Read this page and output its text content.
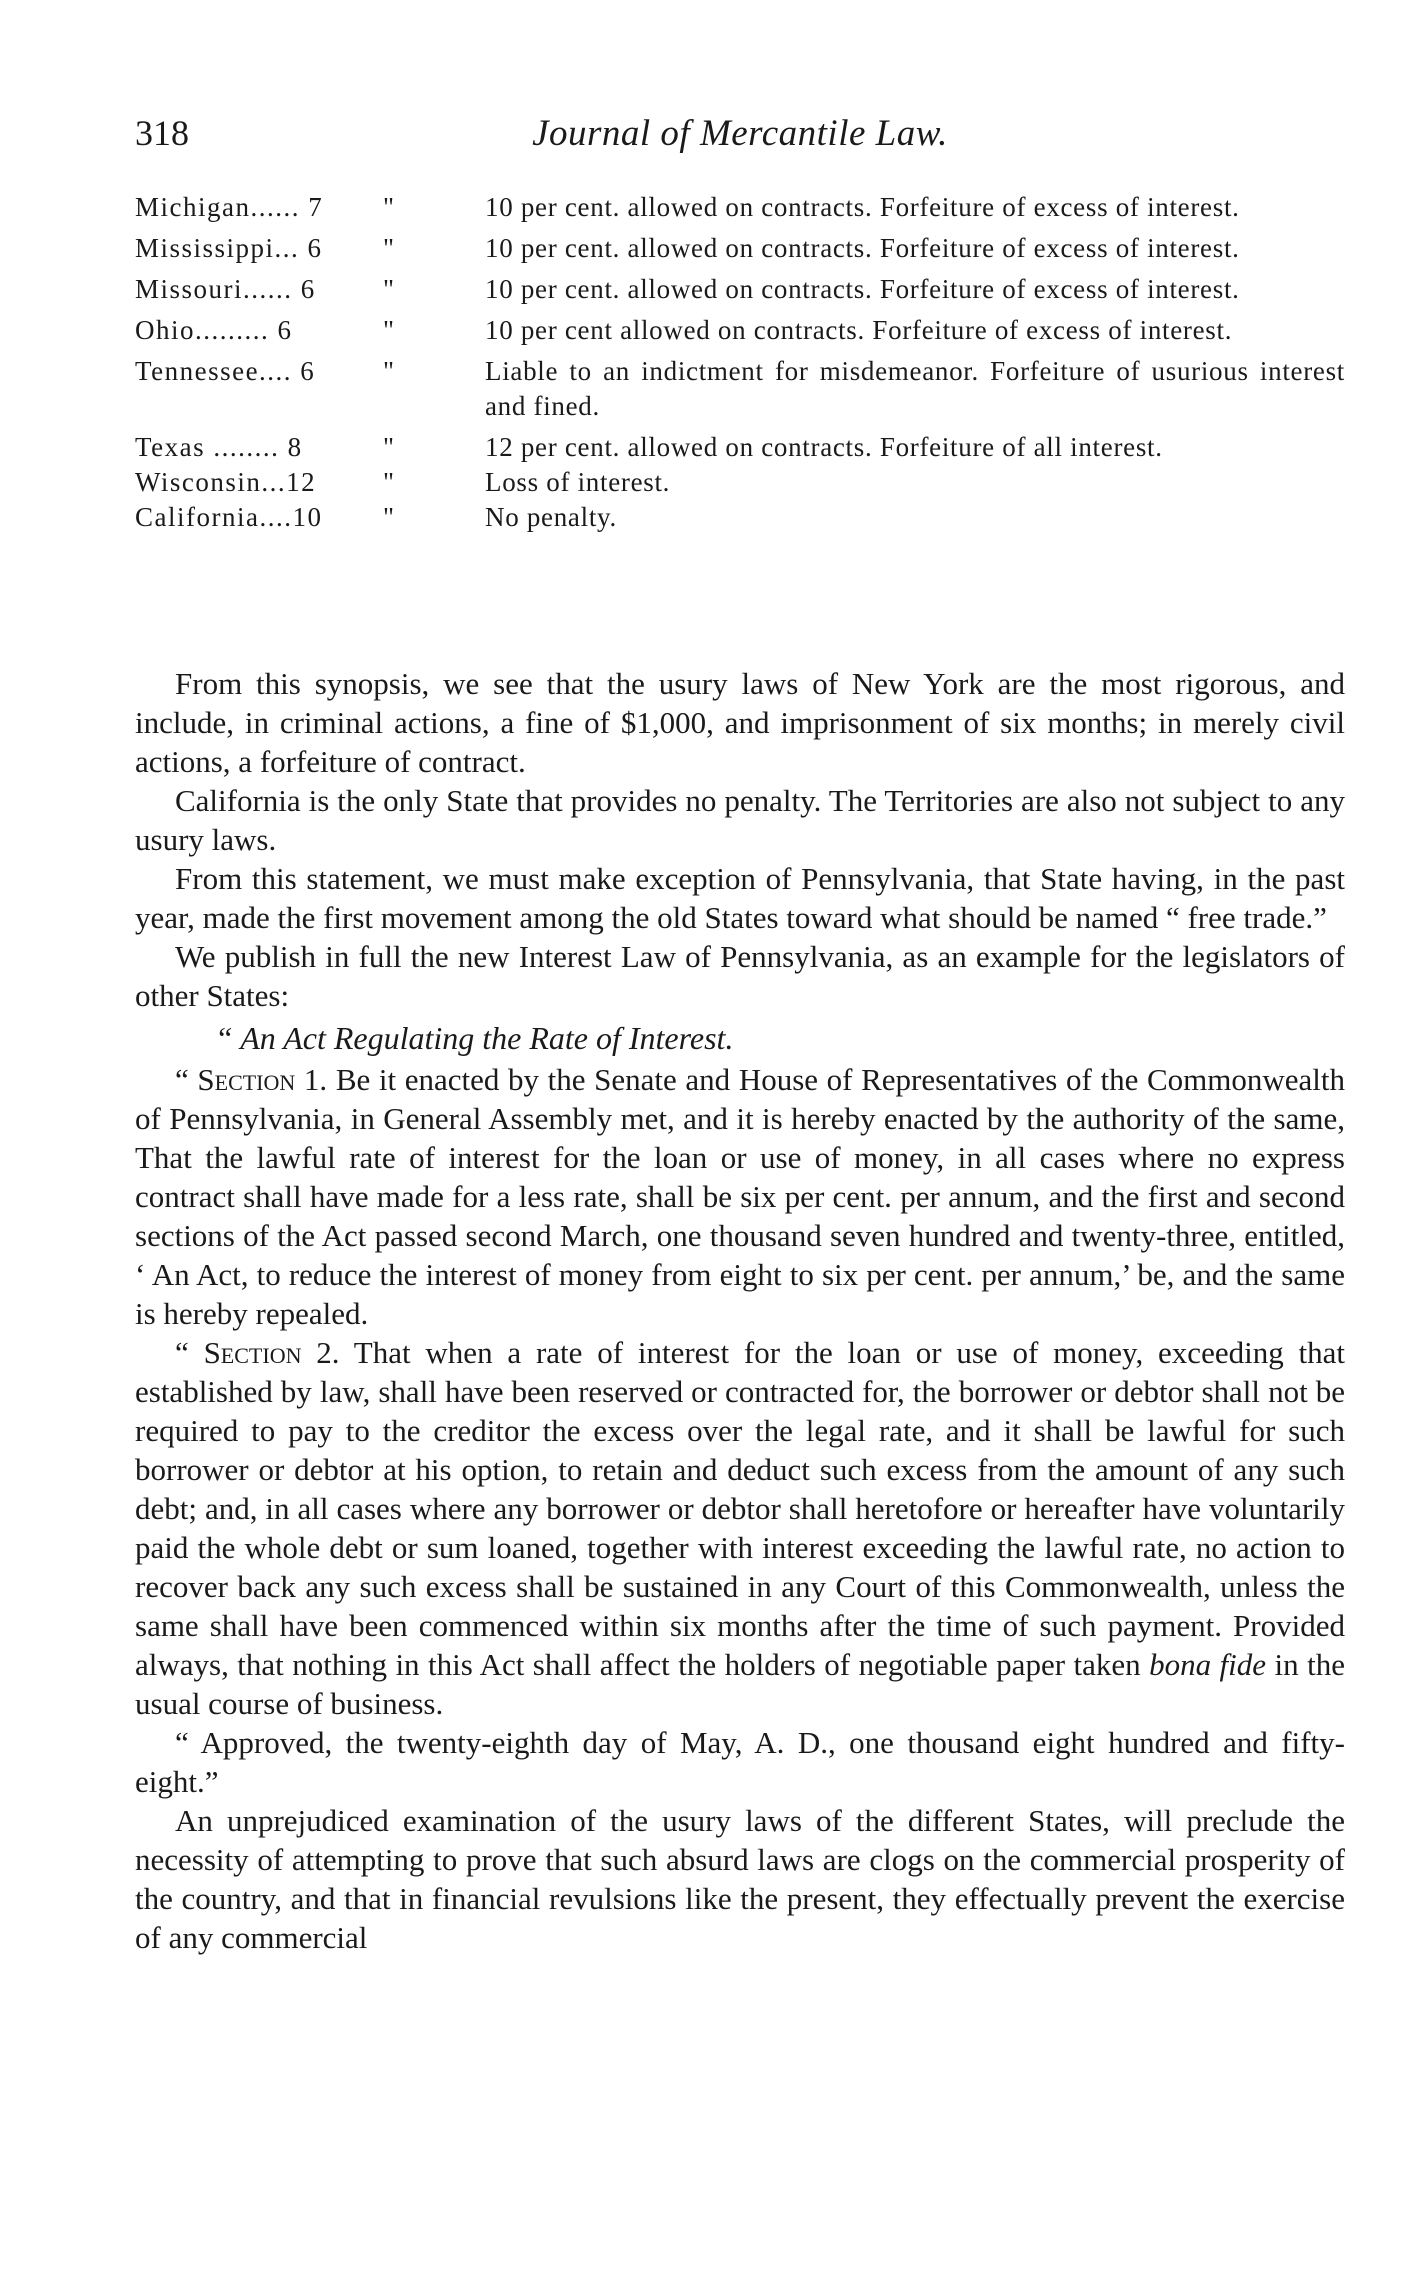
318	Journal of Mercantile Law.
Michigan...... 7	"	10 per cent. allowed on contracts. Forfeiture of excess of interest.
Mississippi... 6	"	10 per cent. allowed on contracts. Forfeiture of excess of interest.
Missouri...... 6	"	10 per cent. allowed on contracts. Forfeiture of excess of interest.
Ohio......... 6	"	10 per cent allowed on contracts. Forfeiture of excess of interest.
Tennessee.... 6	"	Liable to an indictment for misdemeanor. Forfeiture of usurious interest and fined.
Texas ........ 8	"	12 per cent. allowed on contracts. Forfeiture of all interest.
Wisconsin...12	"	Loss of interest.
California....10	"	No penalty.

From this synopsis, we see that the usury laws of New York are the most rigorous, and include, in criminal actions, a fine of $1,000, and imprisonment of six months; in merely civil actions, a forfeiture of contract.

California is the only State that provides no penalty. The Territories are also not subject to any usury laws.

From this statement, we must make exception of Pennsylvania, that State having, in the past year, made the first movement among the old States toward what should be named “ free trade.”

We publish in full the new Interest Law of Pennsylvania, as an example for the legislators of other States:

“ An Act Regulating the Rate of Interest.

“ Section 1. Be it enacted by the Senate and House of Representatives of the Commonwealth of Pennsylvania, in General Assembly met, and it is hereby enacted by the authority of the same, That the lawful rate of interest for the loan or use of money, in all cases where no express contract shall have made for a less rate, shall be six per cent. per annum, and the first and second sections of the Act passed second March, one thousand seven hundred and twenty-three, entitled, ‘ An Act, to reduce the interest of money from eight to six per cent. per annum,’ be, and the same is hereby repealed.

“ Section 2. That when a rate of interest for the loan or use of money, exceeding that established by law, shall have been reserved or contracted for, the borrower or debtor shall not be required to pay to the creditor the excess over the legal rate, and it shall be lawful for such borrower or debtor at his option, to retain and deduct such excess from the amount of any such debt; and, in all cases where any borrower or debtor shall heretofore or hereafter have voluntarily paid the whole debt or sum loaned, together with interest exceeding the lawful rate, no action to recover back any such excess shall be sustained in any Court of this Commonwealth, unless the same shall have been commenced within six months after the time of such payment. Provided always, that nothing in this Act shall affect the holders of negotiable paper taken bona fide in the usual course of business.

“ Approved, the twenty-eighth day of May, A. D., one thousand eight hundred and fifty-eight.”

An unprejudiced examination of the usury laws of the different States, will preclude the necessity of attempting to prove that such absurd laws are clogs on the commercial prosperity of the country, and that in financial revulsions like the present, they effectually prevent the exercise of any commercial
